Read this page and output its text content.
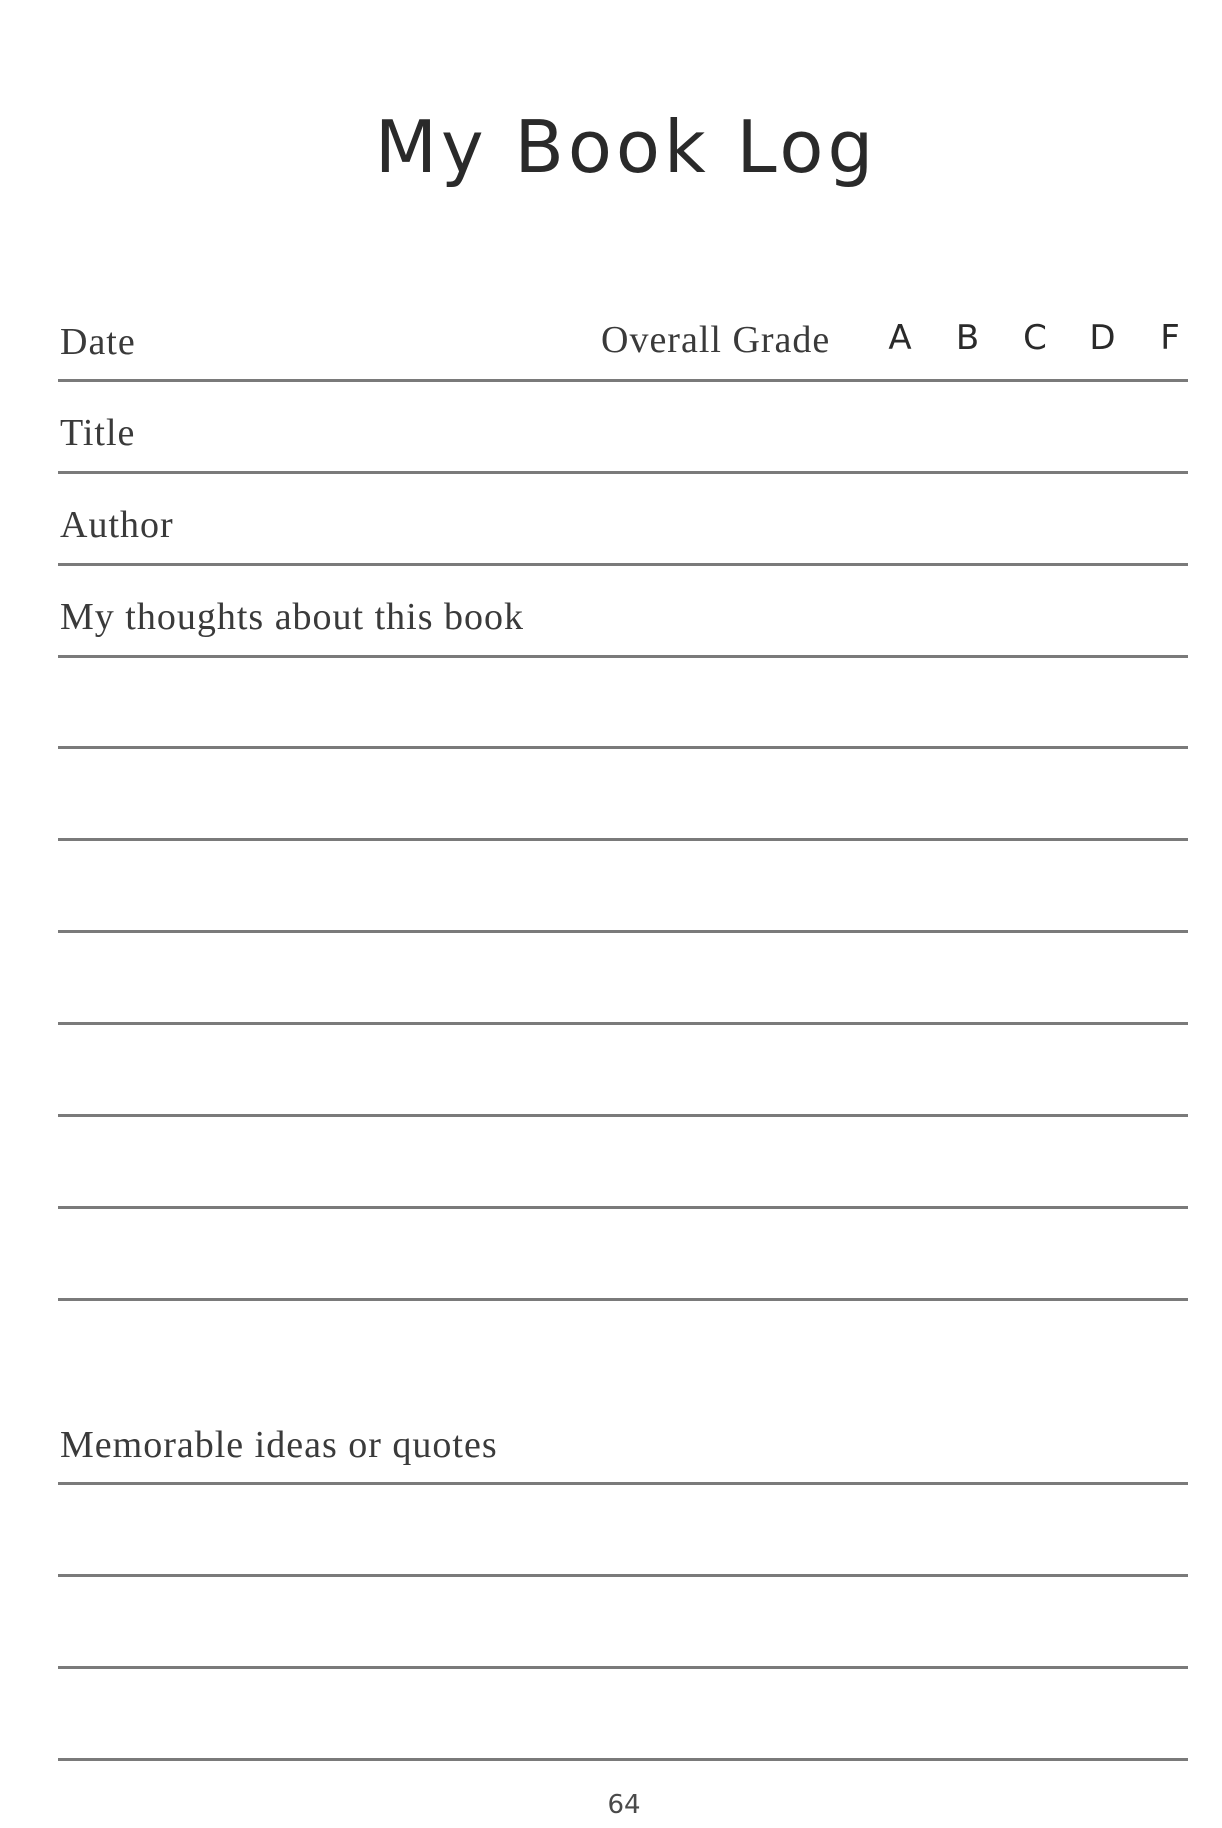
My Book Log
Date	Overall Grade A B C D	F
Title
Author
My thoughts about this book
Memorable ideas or quotes
64
